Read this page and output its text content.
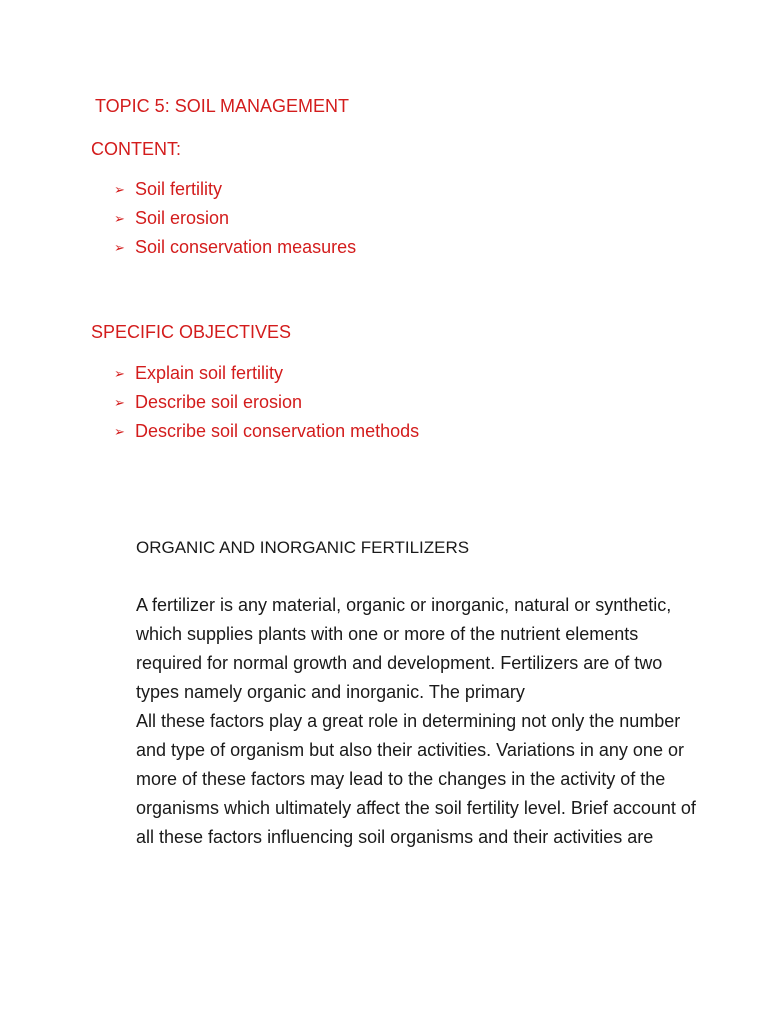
TOPIC 5: SOIL MANAGEMENT
CONTENT:
➢ Soil fertility
➢ Soil erosion
➢ Soil conservation measures
SPECIFIC OBJECTIVES
➢ Explain soil fertility
➢ Describe soil erosion
➢ Describe soil conservation methods
ORGANIC AND INORGANIC FERTILIZERS

A fertilizer is any material, organic or inorganic, natural or synthetic, which supplies plants with one or more of the nutrient elements required for normal growth and development. Fertilizers are of two types namely organic and inorganic. The primary

All these factors play a great role in determining not only the number and type of organism but also their activities. Variations in any one or more of these factors may lead to the changes in the activity of the organisms which ultimately affect the soil fertility level. Brief account of all these factors influencing soil organisms and their activities are
